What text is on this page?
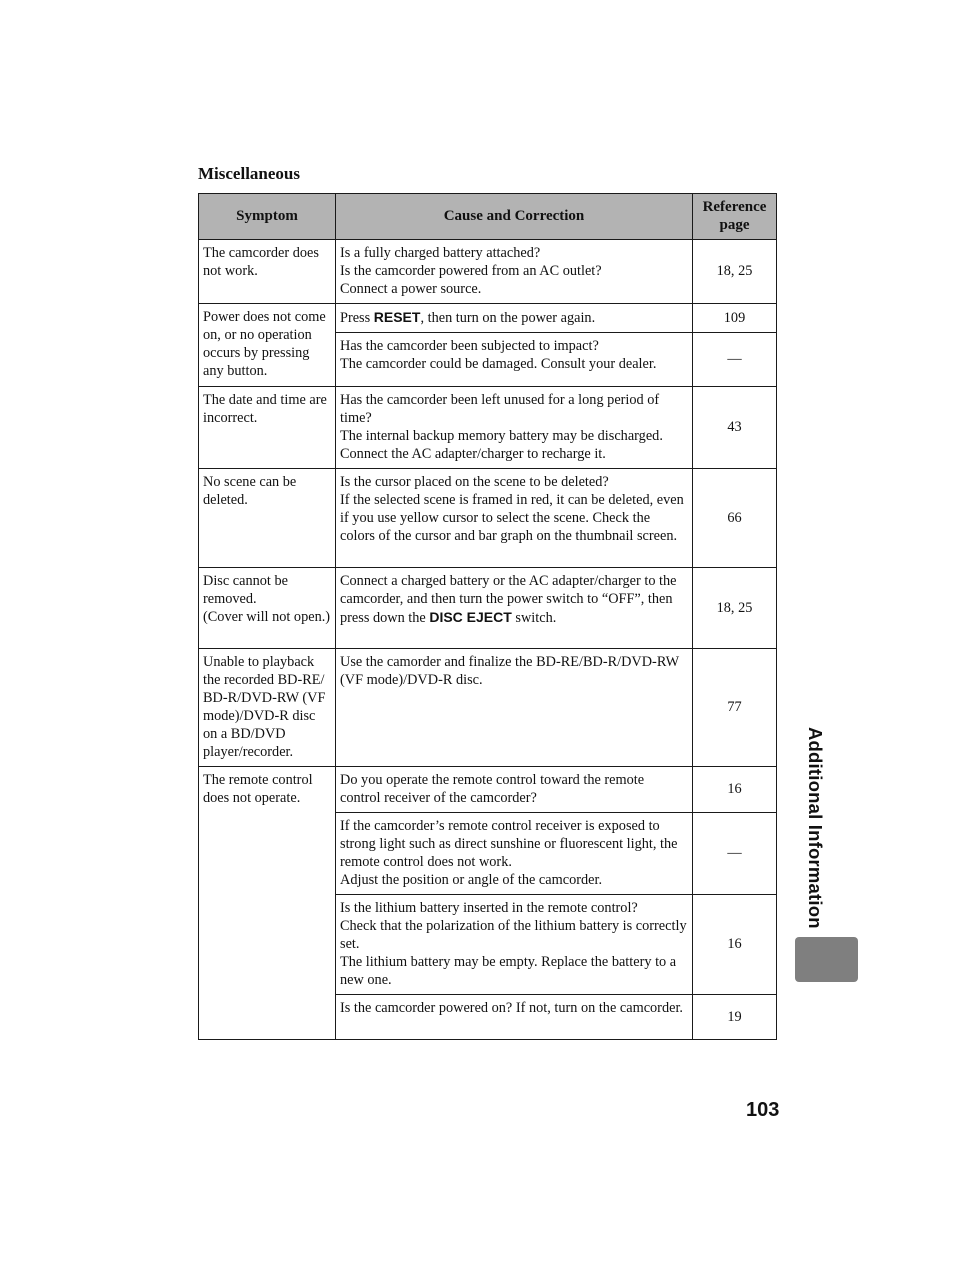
Miscellaneous
Symptom	Cause and Correction	Reference page
The camcorder does not work.	Is a fully charged battery attached?
Is the camcorder powered from an AC outlet?
Connect a power source.	18, 25
Power does not come on, or no operation occurs by pressing any button.	Press RESET, then turn on the power again.	109

	Has the camcorder been subjected to impact?
The camcorder could be damaged. Consult your dealer.	—
The date and time are incorrect.	Has the camcorder been left unused for a long period of time?
The internal backup memory battery may be discharged.
Connect the AC adapter/charger to recharge it.	43
No scene can be deleted.	Is the cursor placed on the scene to be deleted?
If the selected scene is framed in red, it can be deleted, even if you use yellow cursor to select the scene. Check the colors of the cursor and bar graph on the thumbnail screen.	66

Disc cannot be removed.
(Cover will not open.)	Connect a charged battery or the AC adapter/charger to the camcorder, and then turn the power switch to “OFF”, then press down the DISC EJECT switch.	18, 25
Unable to playback the recorded BD-RE/ BD-R/DVD-RW (VF mode)/DVD-R disc on a BD/DVD player/recorder.	Use the camorder and finalize the BD-RE/BD-R/DVD-RW (VF mode)/DVD-R disc.	77
The remote control does not operate.	Do you operate the remote control toward the remote control receiver of the camcorder?	16

	If the camcorder’s remote control receiver is exposed to strong light such as direct sunshine or fluorescent light, the remote control does not work.
Adjust the position or angle of the camcorder.	—

	Is the lithium battery inserted in the remote control?
Check that the polarization of the lithium battery is correctly set.
The lithium battery may be empty. Replace the battery to a new one.	16
	Is the camcorder powered on? If not, turn on the camcorder.	19
Additional Information
103
